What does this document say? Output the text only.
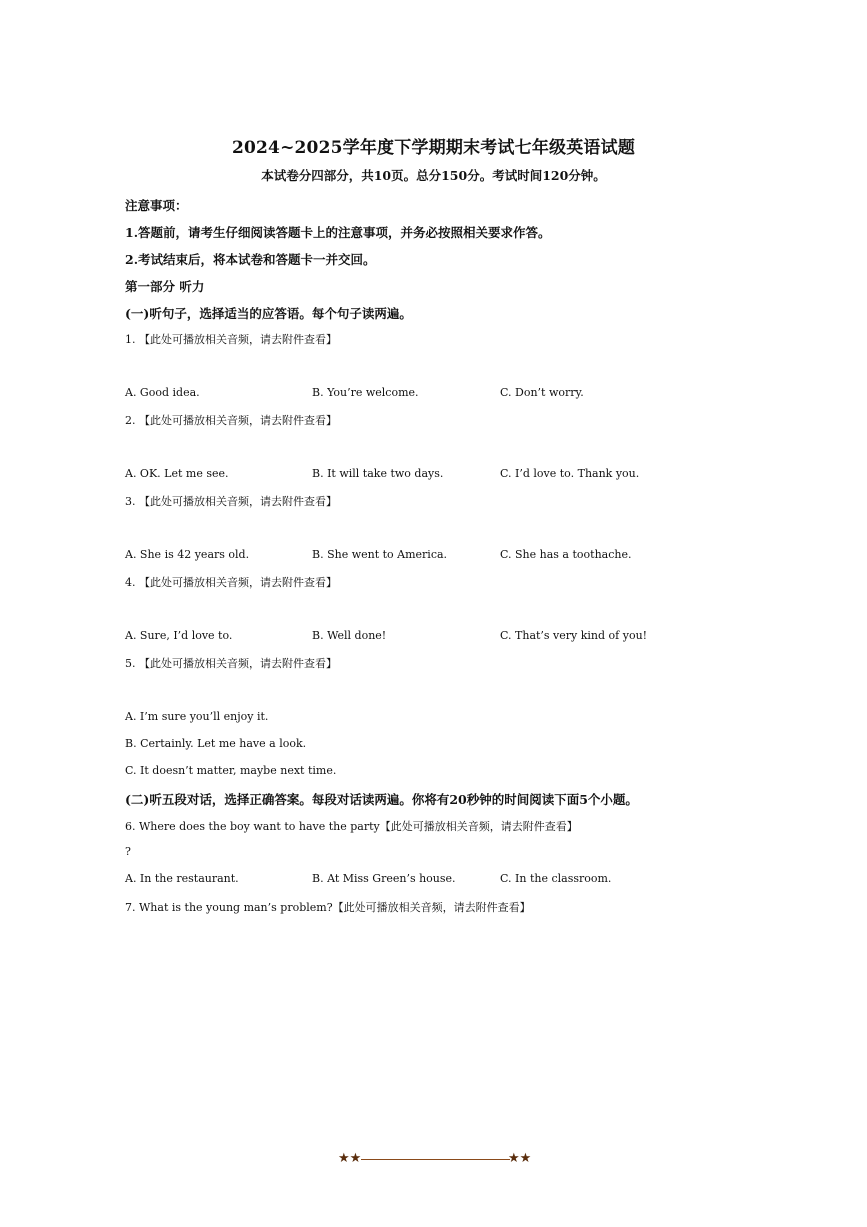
2024~2025学年度下学期期末考试七年级英语试题
本试卷分四部分，共10页。总分150分。考试时间120分钟。
注意事项：
1.答题前，请考生仔细阅读答题卡上的注意事项，并务必按照相关要求作答。
2.考试结束后，将本试卷和答题卡一并交回。
第一部分 听力
(一)听句子，选择适当的应答语。每个句子读两遍。
1. 【此处可播放相关音频，请去附件查看】
A. Good idea.	B. You’re welcome.	C. Don’t worry.
2. 【此处可播放相关音频，请去附件查看】
A. OK. Let me see.	B. It will take two days.	C. I’d love to. Thank you.
3. 【此处可播放相关音频，请去附件查看】
A. She is 42 years old.	B. She went to America.	C. She has a toothache.
4. 【此处可播放相关音频，请去附件查看】
A. Sure, I’d love to.	B. Well done!	C. That’s very kind of you!
5. 【此处可播放相关音频，请去附件查看】
A. I’m sure you’ll enjoy it.
B. Certainly. Let me have a look.
C. It doesn’t matter, maybe next time.
(二)听五段对话，选择正确答案。每段对话读两遍。你将有20秒钟的时间阅读下面5个小题。
6. Where does the boy want to have the party【此处可播放相关音频，请去附件查看】
?
A. In the restaurant.	B. At Miss Green’s house.	C. In the classroom.
7. What is the young man’s problem?【此处可播放相关音频，请去附件查看】
★★	★★
